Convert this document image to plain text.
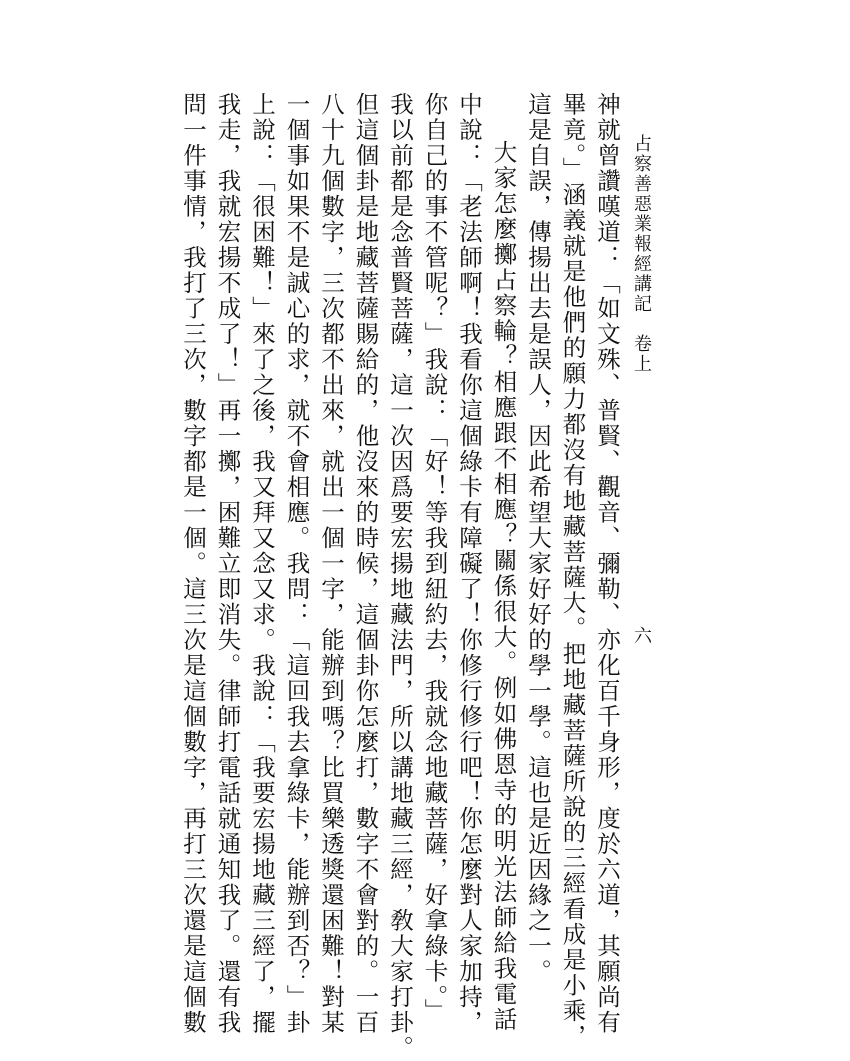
占察善惡業報經講記　卷上
六
神就曾讚嘆道：「如文殊、普賢、觀音、彌勒、亦化百千身形，度於六道，其願尚有
畢竟。」涵義就是他們的願力都沒有地藏菩薩大。把地藏菩薩所說的三經看成是小乘，
這是自誤，傳揚出去是誤人，因此希望大家好好的學一學。這也是近因緣之一。
大家怎麼擲占察輪？相應跟不相應？關係很大。例如佛恩寺的明光法師給我電話
中說：「老法師啊！我看你這個綠卡有障礙了！你修行修行吧！你怎麼對人家加持，
你自己的事不管呢？」我說：「好！等我到紐約去，我就念地藏菩薩，好拿綠卡。」
我以前都是念普賢菩薩，這一次因爲要宏揚地藏法門，所以講地藏三經，敎大家打卦。
但這個卦是地藏菩薩賜給的，他沒來的時候，這個卦你怎麼打，數字不會對的。一百
八十九個數字，三次都不出來，就出一個一字，能辦到嗎？比買樂透獎還困難！對某
一個事如果不是誠心的求，就不會相應。我問：「這回我去拿綠卡，能辦到否？」卦
上說：「很困難！」來了之後，我又拜又念又求。我說：「我要宏揚地藏三經了，擺
我走，我就宏揚不成了！」再一擲，困難立即消失。律師打電話就通知我了。還有我
問一件事情，我打了三次，數字都是一個。這三次是這個數字，再打三次還是這個數
